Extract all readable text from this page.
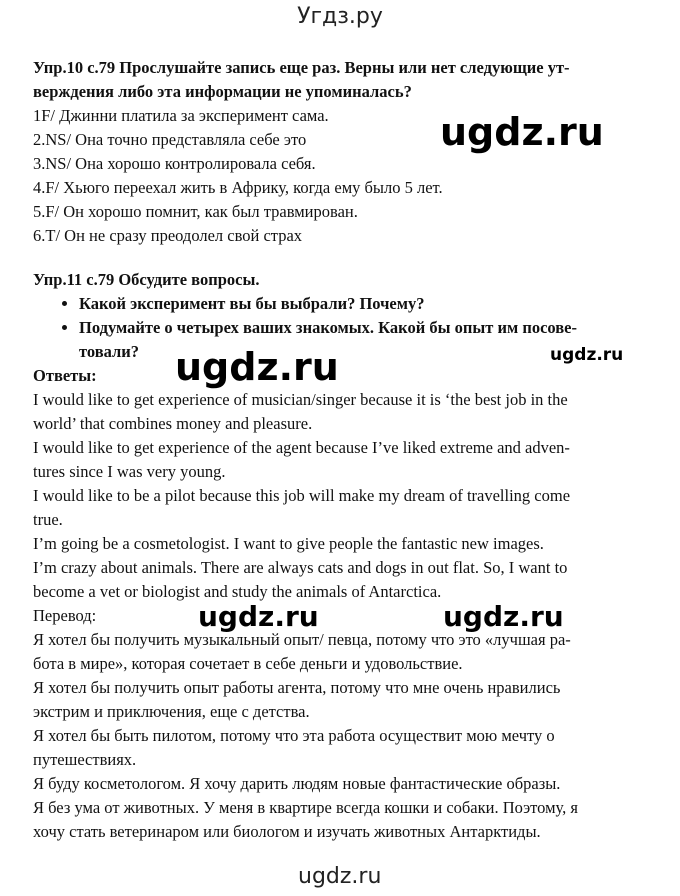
Угдз.ру

Упр.10 с.79 Прослушайте запись еще раз. Верны или нет следующие ут-

верждения либо эта информации не упоминалась?

1F/ Джинни платила за эксперимент сама.

2.NS/ Она точно представляла себе это

3.NS/ Она хорошо контролировала себя.

4.F/ Хьюго переехал жить в Африку, когда ему было 5 лет.

5.F/ Он хорошо помнит, как был травмирован.

6.T/ Он не сразу преодолел свой страх

Упр.11 с.79 Обсудите вопросы.

• Какой эксперимент вы бы выбрали? Почему?
• Подумайте о четырех ваших знакомых. Какой бы опыт им посове-
товали?

Ответы:

I would like to get experience of musician/singer because it is ‘the best job in the

world’ that combines money and pleasure.

I would like to get experience of the agent because I’ve liked extreme and adven-

tures since I was very young.

I would like to be a pilot because this job will make my dream of travelling come

true.

I’m going be a cosmetologist. I want to give people the fantastic new images.

I’m crazy about animals. There are always cats and dogs in out flat. So, I want to

become a vet or biologist and study the animals of Antarctica.

Перевод:

Я хотел бы получить музыкальный опыт/ певца, потому что это «лучшая ра-

бота в мире», которая сочетает в себе деньги и удовольствие.

Я хотел бы получить опыт работы агента, потому что мне очень нравились

экстрим и приключения, еще с детства.

Я хотел бы быть пилотом, потому что эта работа осуществит мою мечту о

путешествиях.

Я буду косметологом. Я хочу дарить людям новые фантастические образы.

Я без ума от животных. У меня в квартире всегда кошки и собаки. Поэтому, я

хочу стать ветеринаром или биологом и изучать животных Антарктиды.

ugdz.ru
ugdz.ru	ugdz.ru
ugdz.ru	ugdz.ru
ugdz.ru
